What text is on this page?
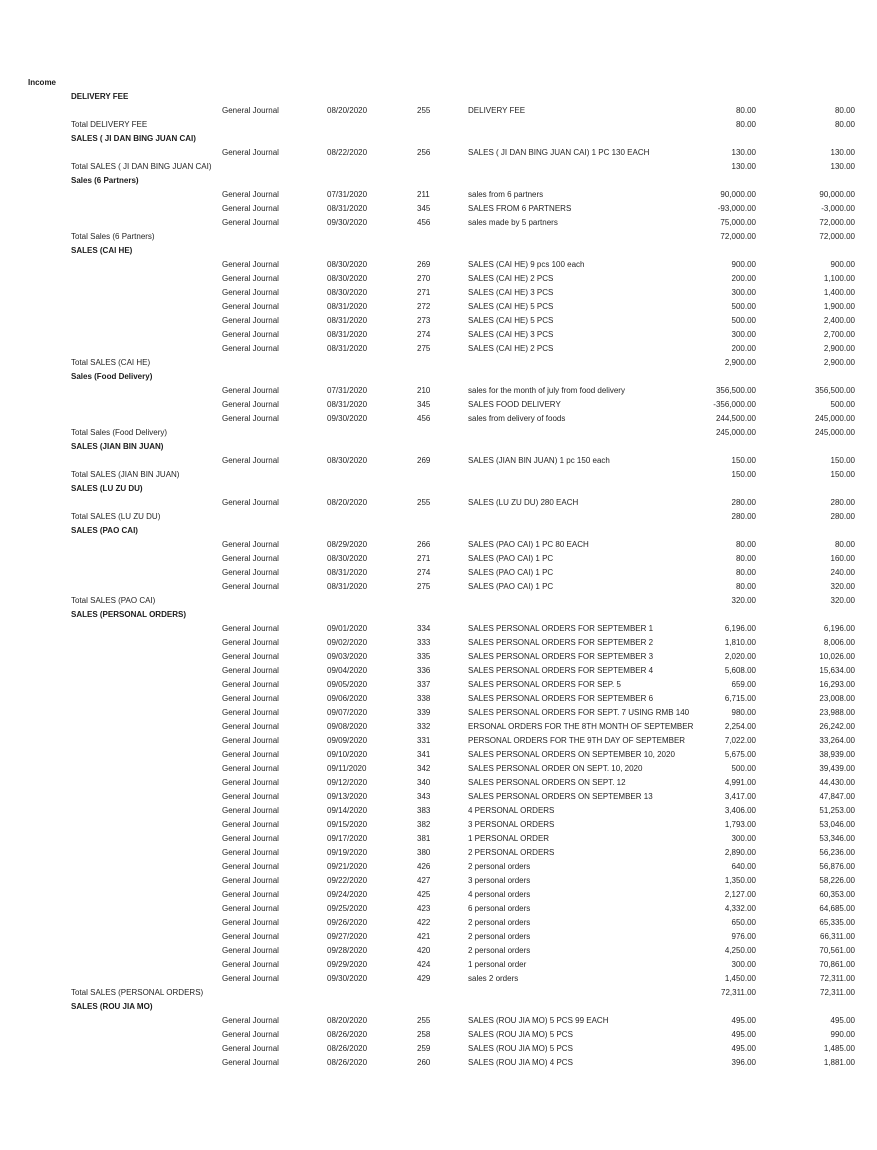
Income
DELIVERY FEE
General Journal	08/20/2020	255	DELIVERY FEE	80.00	80.00
Total DELIVERY FEE	80.00	80.00
SALES ( JI DAN BING JUAN CAI)
General Journal	08/22/2020	256	SALES ( JI DAN BING JUAN CAI) 1 PC 130 EACH	130.00	130.00
Total SALES ( JI DAN BING JUAN CAI)	130.00	130.00
Sales (6 Partners)
General Journal	07/31/2020	211	sales from 6 partners	90,000.00	90,000.00
General Journal	08/31/2020	345	SALES FROM 6 PARTNERS	-93,000.00	-3,000.00
General Journal	09/30/2020	456	sales made by 5 partners	75,000.00	72,000.00
Total Sales (6 Partners)	72,000.00	72,000.00
SALES (CAI HE)
General Journal	08/30/2020	269	SALES (CAI HE) 9 pcs 100 each	900.00	900.00
General Journal	08/30/2020	270	SALES (CAI HE) 2 PCS	200.00	1,100.00
General Journal	08/30/2020	271	SALES (CAI HE) 3 PCS	300.00	1,400.00
General Journal	08/31/2020	272	SALES (CAI HE) 5 PCS	500.00	1,900.00
General Journal	08/31/2020	273	SALES (CAI HE) 5 PCS	500.00	2,400.00
General Journal	08/31/2020	274	SALES (CAI HE) 3 PCS	300.00	2,700.00
General Journal	08/31/2020	275	SALES (CAI HE) 2 PCS	200.00	2,900.00
Total SALES (CAI HE)	2,900.00	2,900.00
Sales (Food Delivery)
General Journal	07/31/2020	210	sales for the month of july from food delivery	356,500.00	356,500.00
General Journal	08/31/2020	345	SALES FOOD DELIVERY	-356,000.00	500.00
General Journal	09/30/2020	456	sales from delivery of foods	244,500.00	245,000.00
Total Sales (Food Delivery)	245,000.00	245,000.00
SALES (JIAN BIN JUAN)
General Journal	08/30/2020	269	SALES (JIAN BIN JUAN) 1 pc 150 each	150.00	150.00
Total SALES (JIAN BIN JUAN)	150.00	150.00
SALES (LU ZU DU)
General Journal	08/20/2020	255	SALES (LU ZU DU) 280 EACH	280.00	280.00
Total SALES (LU ZU DU)	280.00	280.00
SALES (PAO CAI)
General Journal	08/29/2020	266	SALES (PAO CAI) 1 PC 80 EACH	80.00	80.00
General Journal	08/30/2020	271	SALES (PAO CAI) 1 PC	80.00	160.00
General Journal	08/31/2020	274	SALES (PAO CAI) 1 PC	80.00	240.00
General Journal	08/31/2020	275	SALES (PAO CAI) 1 PC	80.00	320.00
Total SALES (PAO CAI)	320.00	320.00
SALES (PERSONAL ORDERS)
General Journal	09/01/2020	334	SALES PERSONAL ORDERS FOR SEPTEMBER 1	6,196.00	6,196.00
General Journal	09/02/2020	333	SALES PERSONAL ORDERS FOR SEPTEMBER 2	1,810.00	8,006.00
General Journal	09/03/2020	335	SALES PERSONAL ORDERS FOR SEPTEMBER 3	2,020.00	10,026.00
General Journal	09/04/2020	336	SALES PERSONAL ORDERS FOR SEPTEMBER 4	5,608.00	15,634.00
General Journal	09/05/2020	337	SALES PERSONAL ORDERS FOR SEP. 5	659.00	16,293.00
General Journal	09/06/2020	338	SALES PERSONAL ORDERS FOR SEPTEMBER 6	6,715.00	23,008.00
General Journal	09/07/2020	339	SALES PERSONAL ORDERS FOR SEPT. 7 USING RMB 140	980.00	23,988.00
General Journal	09/08/2020	332	ERSONAL ORDERS FOR THE 8TH MONTH OF SEPTEMBER	2,254.00	26,242.00
General Journal	09/09/2020	331	PERSONAL ORDERS FOR THE 9TH DAY OF SEPTEMBER	7,022.00	33,264.00
General Journal	09/10/2020	341	SALES PERSONAL ORDERS ON SEPTEMBER 10, 2020	5,675.00	38,939.00
General Journal	09/11/2020	342	SALES PERSONAL ORDER ON SEPT. 10, 2020	500.00	39,439.00
General Journal	09/12/2020	340	SALES PERSONAL ORDERS ON SEPT. 12	4,991.00	44,430.00
General Journal	09/13/2020	343	SALES PERSONAL ORDERS ON SEPTEMBER 13	3,417.00	47,847.00
General Journal	09/14/2020	383	4 PERSONAL ORDERS	3,406.00	51,253.00
General Journal	09/15/2020	382	3 PERSONAL ORDERS	1,793.00	53,046.00
General Journal	09/17/2020	381	1 PERSONAL ORDER	300.00	53,346.00
General Journal	09/19/2020	380	2 PERSONAL ORDERS	2,890.00	56,236.00
General Journal	09/21/2020	426	2 personal orders	640.00	56,876.00
General Journal	09/22/2020	427	3 personal orders	1,350.00	58,226.00
General Journal	09/24/2020	425	4 personal orders	2,127.00	60,353.00
General Journal	09/25/2020	423	6 personal orders	4,332.00	64,685.00
General Journal	09/26/2020	422	2 personal orders	650.00	65,335.00
General Journal	09/27/2020	421	2 personal orders	976.00	66,311.00
General Journal	09/28/2020	420	2 personal orders	4,250.00	70,561.00
General Journal	09/29/2020	424	1 personal order	300.00	70,861.00
General Journal	09/30/2020	429	sales 2 orders	1,450.00	72,311.00
Total SALES (PERSONAL ORDERS)	72,311.00	72,311.00
SALES (ROU JIA MO)
General Journal	08/20/2020	255	SALES (ROU JIA MO) 5 PCS 99 EACH	495.00	495.00
General Journal	08/26/2020	258	SALES (ROU JIA MO) 5 PCS	495.00	990.00
General Journal	08/26/2020	259	SALES (ROU JIA MO) 5 PCS	495.00	1,485.00
General Journal	08/26/2020	260	SALES (ROU JIA MO) 4 PCS	396.00	1,881.00
